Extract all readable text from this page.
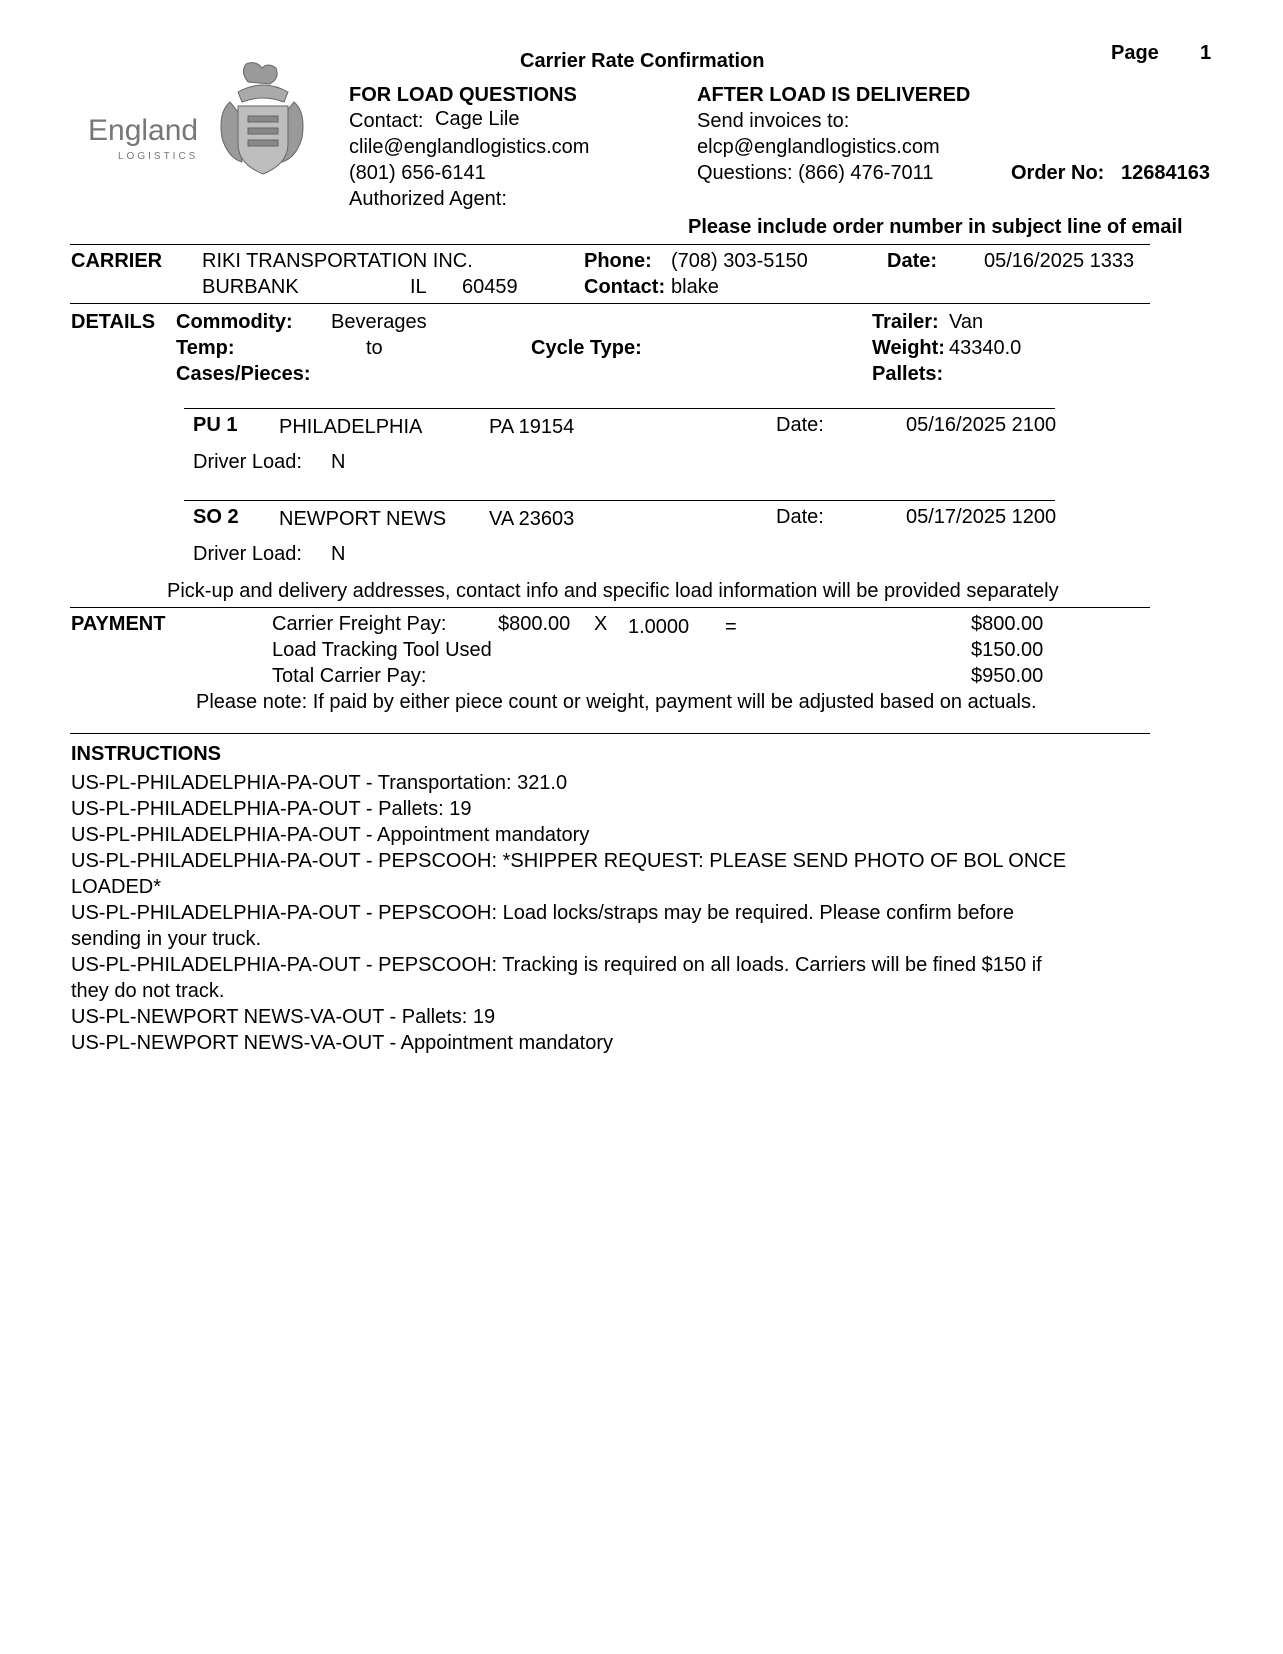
Carrier Rate Confirmation	Page 1
England
LOGISTICS
FOR LOAD QUESTIONS
Contact: Cage Lile
clile@englandlogistics.com
(801) 656-6141
Authorized Agent:
AFTER LOAD IS DELIVERED
Send invoices to:
elcp@englandlogistics.com
Questions: (866) 476-7011	Order No: 12684163
Please include order number in subject line of email
CARRIER RIKI TRANSPORTATION INC.
BURBANK	IL 60459
Phone: (708) 303-5150
Contact: blake
Date: 05/16/2025 1333
DETAILS Commodity: Beverages
Temp:	to	Cycle Type:
Cases/Pieces:
Trailer: Van
Weight: 43340.0
Pallets:
PU 1 PHILADELPHIA	PA 19154	Date:	05/16/2025 2100
Driver Load: N
SO 2 NEWPORT NEWS VA 23603	Date:	05/17/2025 1200
Driver Load: N
Pick-up and delivery addresses, contact info and specific load information will be provided separately
PAYMENT	Carrier Freight Pay:	$800.00 X 1.0000 =	$800.00
Load Tracking Tool Used	$150.00
Total Carrier Pay:	$950.00
Please note: If paid by either piece count or weight, payment will be adjusted based on actuals.
INSTRUCTIONS
US-PL-PHILADELPHIA-PA-OUT - Transportation: 321.0
US-PL-PHILADELPHIA-PA-OUT - Pallets: 19
US-PL-PHILADELPHIA-PA-OUT - Appointment mandatory
US-PL-PHILADELPHIA-PA-OUT - PEPSCOOH: *SHIPPER REQUEST: PLEASE SEND PHOTO OF BOL ONCE
LOADED*
US-PL-PHILADELPHIA-PA-OUT - PEPSCOOH: Load locks/straps may be required. Please confirm before
sending in your truck.
US-PL-PHILADELPHIA-PA-OUT - PEPSCOOH: Tracking is required on all loads. Carriers will be fined $150 if
they do not track.
US-PL-NEWPORT NEWS-VA-OUT - Pallets: 19
US-PL-NEWPORT NEWS-VA-OUT - Appointment mandatory
